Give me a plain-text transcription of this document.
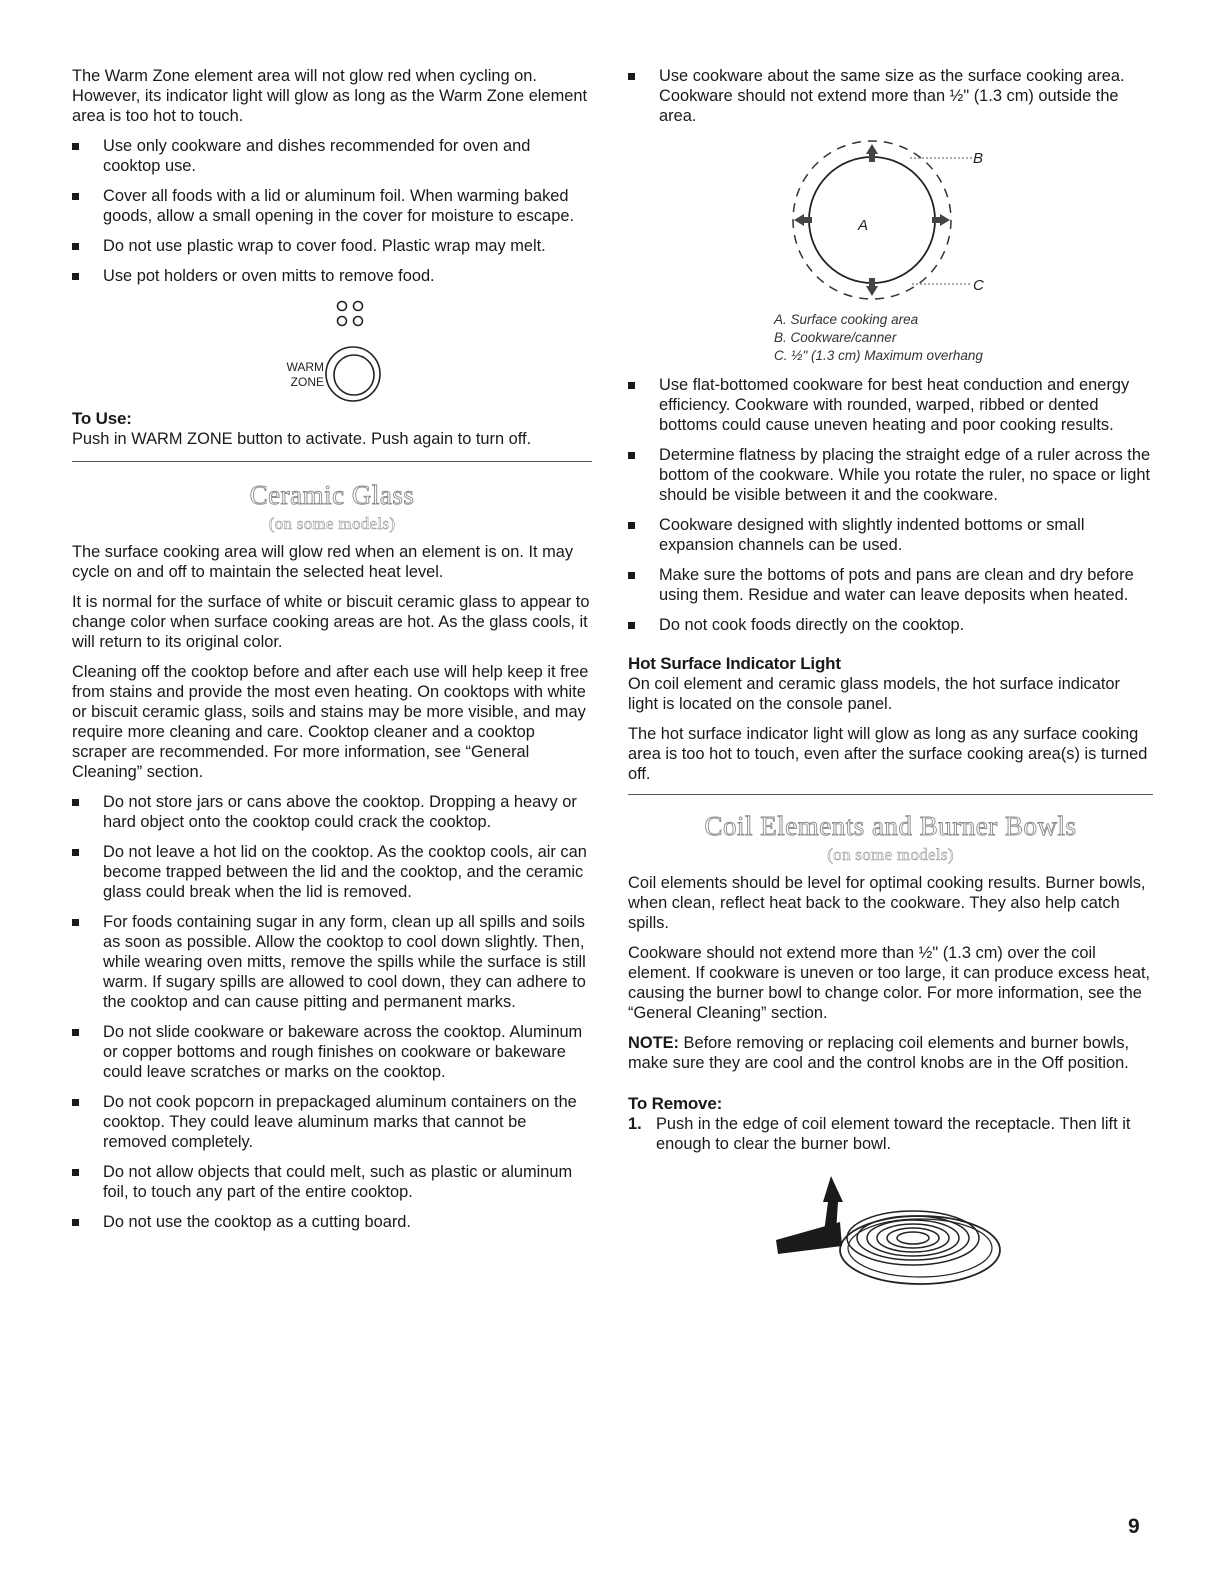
The Warm Zone element area will not glow red when cycling on. However, its indicator light will glow as long as the Warm Zone element area is too hot to touch.

Use only cookware and dishes recommended for oven and cooktop use.
Cover all foods with a lid or aluminum foil. When warming baked goods, allow a small opening in the cover for moisture to escape.
Do not use plastic wrap to cover food. Plastic wrap may melt.
Use pot holders or oven mitts to remove food.
WARM
ZONE
To Use:

Push in WARM ZONE button to activate. Push again to turn off.

Ceramic Glass
(on some models)

The surface cooking area will glow red when an element is on. It may cycle on and off to maintain the selected heat level.

It is normal for the surface of white or biscuit ceramic glass to appear to change color when surface cooking areas are hot. As the glass cools, it will return to its original color.

Cleaning off the cooktop before and after each use will help keep it free from stains and provide the most even heating. On cooktops with white or biscuit ceramic glass, soils and stains may be more visible, and may require more cleaning and care. Cooktop cleaner and a cooktop scraper are recommended. For more information, see “General Cleaning” section.

Do not store jars or cans above the cooktop. Dropping a heavy or hard object onto the cooktop could crack the cooktop.
Do not leave a hot lid on the cooktop. As the cooktop cools, air can become trapped between the lid and the cooktop, and the ceramic glass could break when the lid is removed.
For foods containing sugar in any form, clean up all spills and soils as soon as possible. Allow the cooktop to cool down slightly. Then, while wearing oven mitts, remove the spills while the surface is still warm. If sugary spills are allowed to cool down, they can adhere to the cooktop and can cause pitting and permanent marks.
Do not slide cookware or bakeware across the cooktop. Aluminum or copper bottoms and rough finishes on cookware or bakeware could leave scratches or marks on the cooktop.
Do not cook popcorn in prepackaged aluminum containers on the cooktop. They could leave aluminum marks that cannot be removed completely.
Do not allow objects that could melt, such as plastic or aluminum foil, to touch any part of the entire cooktop.
Do not use the cooktop as a cutting board.
Use cookware about the same size as the surface cooking area. Cookware should not extend more than ½" (1.3 cm) outside the area.
A
B
C
A. Surface cooking area
B. Cookware/canner
C. ½" (1.3 cm) Maximum overhang
Use flat-bottomed cookware for best heat conduction and energy efficiency. Cookware with rounded, warped, ribbed or dented bottoms could cause uneven heating and poor cooking results.
Determine flatness by placing the straight edge of a ruler across the bottom of the cookware. While you rotate the ruler, no space or light should be visible between it and the cookware.
Cookware designed with slightly indented bottoms or small expansion channels can be used.
Make sure the bottoms of pots and pans are clean and dry before using them. Residue and water can leave deposits when heated.
Do not cook foods directly on the cooktop.
Hot Surface Indicator Light

On coil element and ceramic glass models, the hot surface indicator light is located on the console panel.

The hot surface indicator light will glow as long as any surface cooking area is too hot to touch, even after the surface cooking area(s) is turned off.

Coil Elements and Burner Bowls
(on some models)

Coil elements should be level for optimal cooking results. Burner bowls, when clean, reflect heat back to the cookware. They also help catch spills.

Cookware should not extend more than ½" (1.3 cm) over the coil element. If cookware is uneven or too large, it can produce excess heat, causing the burner bowl to change color. For more information, see the “General Cleaning” section.

NOTE: Before removing or replacing coil elements and burner bowls, make sure they are cool and the control knobs are in the Off position.

To Remove:
1. Push in the edge of coil element toward the receptacle. Then lift it enough to clear the burner bowl.
9
